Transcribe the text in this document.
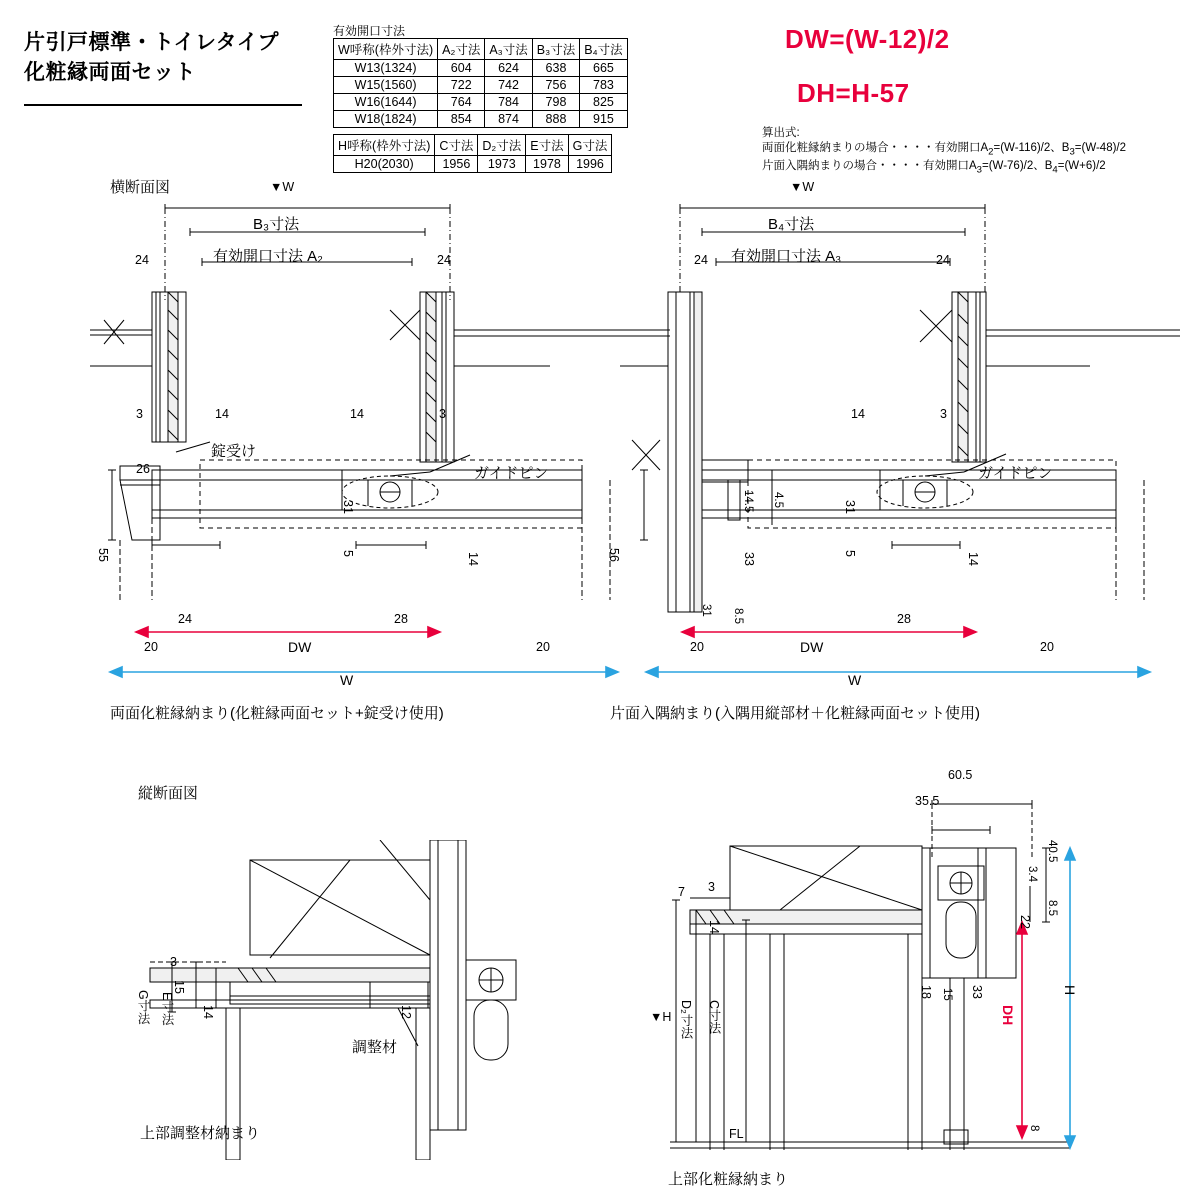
片引戸標準・トイレタイプ
化粧縁両面セット
有効開口寸法
W呼称(枠外寸法)	A₂寸法	A₃寸法	B₃寸法	B₄寸法
W13(1324)	604	624	638	665
W15(1560)	722	742	756	783
W16(1644)	764	784	798	825
W18(1824)	854	874	888	915
H呼称(枠外寸法)	C寸法	D₂寸法	E寸法	G寸法
H20(2030)	1956	1973	1978	1996
DW=(W-12)/2
DH=H-57
算出式:
両面化粧縁納まりの場合・・・・有効開口$A_2=(W-116)/2$、$B_3=(W-48)/2$
片面入隅納まりの場合・・・・有効開口$A_3=(W-76)/2$、$B_4=(W+6)/2$
横断面図
縦断面図
▼W
B₃寸法
有効開口寸法 A₂
24	24
3	14	14	3
錠受け
ガイドピン
26
31
5	14
55
24	28
20	20
DW
W
両面化粧縁納まり(化粧縁両面セット+錠受け使用)
▼W
B₄寸法
有効開口寸法 A₃
24	24
14	3
ガイドピン
14.5 4.5	31
33	5	14
56
31 8.5	28
20	20
DW
W
片面入隅納まり(入隅用縦部材＋化粧縁両面セット使用)
G寸法 E寸法
3
15
14	12
調整材
上部調整材納まり
60.5
35.5
40.5
3.4
8.5
22
7 3
14
18 15 33
8
▼H D₂寸法 C寸法	DH
H
FL
上部化粧縁納まり
